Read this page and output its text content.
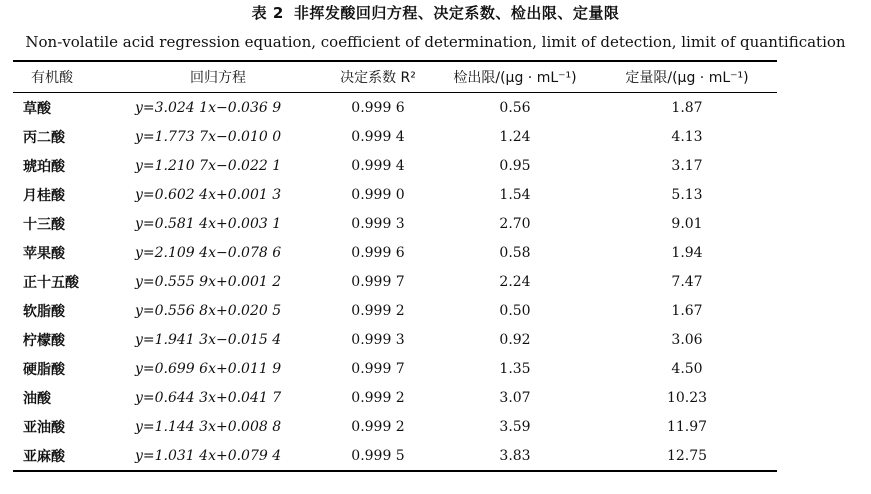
表 2 非挥发酸回归方程、决定系数、检出限、定量限
Non-volatile acid regression equation, coefficient of determination, limit of detection, limit of quantification
有机酸	回归方程	决定系数 R²	检出限/(μg · mL⁻¹)	定量限/(μg · mL⁻¹)
草酸	y=3.024 1x−0.036 9	0.999 6	0.56	1.87
丙二酸	y=1.773 7x−0.010 0	0.999 4	1.24	4.13
琥珀酸	y=1.210 7x−0.022 1	0.999 4	0.95	3.17
月桂酸	y=0.602 4x+0.001 3	0.999 0	1.54	5.13
十三酸	y=0.581 4x+0.003 1	0.999 3	2.70	9.01
苹果酸	y=2.109 4x−0.078 6	0.999 6	0.58	1.94
正十五酸	y=0.555 9x+0.001 2	0.999 7	2.24	7.47
软脂酸	y=0.556 8x+0.020 5	0.999 2	0.50	1.67
柠檬酸	y=1.941 3x−0.015 4	0.999 3	0.92	3.06
硬脂酸	y=0.699 6x+0.011 9	0.999 7	1.35	4.50
油酸	y=0.644 3x+0.041 7	0.999 2	3.07	10.23
亚油酸	y=1.144 3x+0.008 8	0.999 2	3.59	11.97
亚麻酸	y=1.031 4x+0.079 4	0.999 5	3.83	12.75
